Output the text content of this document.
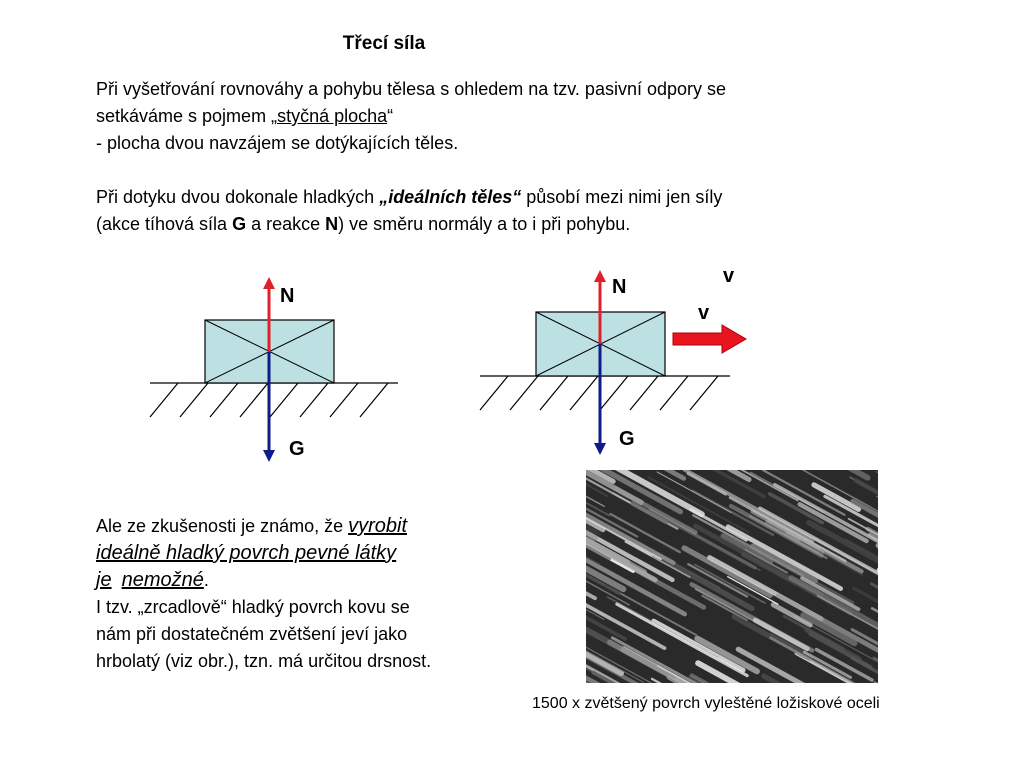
Třecí síla
Při vyšetřování rovnováhy a pohybu tělesa s ohledem na tzv. pasivní odpory se
setkáváme s pojmem „styčná plocha“
- plocha dvou navzájem se dotýkajících těles.
Při dotyku dvou dokonale hladkých „ideálních těles“ působí mezi nimi jen síly
(akce tíhová síla G a reakce N) ve směru normály a to i při pohybu.
N
G
N
G
v
v
Ale ze zkušenosti je známo, že vyrobit
ideálně hladký povrch pevné látky
je nemožné.
I tzv. „zrcadlově“ hladký povrch kovu se
nám při dostatečném zvětšení jeví jako
hrbolatý (viz obr.), tzn. má určitou drsnost.
1500 x zvětšený povrch vyleštěné ložiskové oceli
